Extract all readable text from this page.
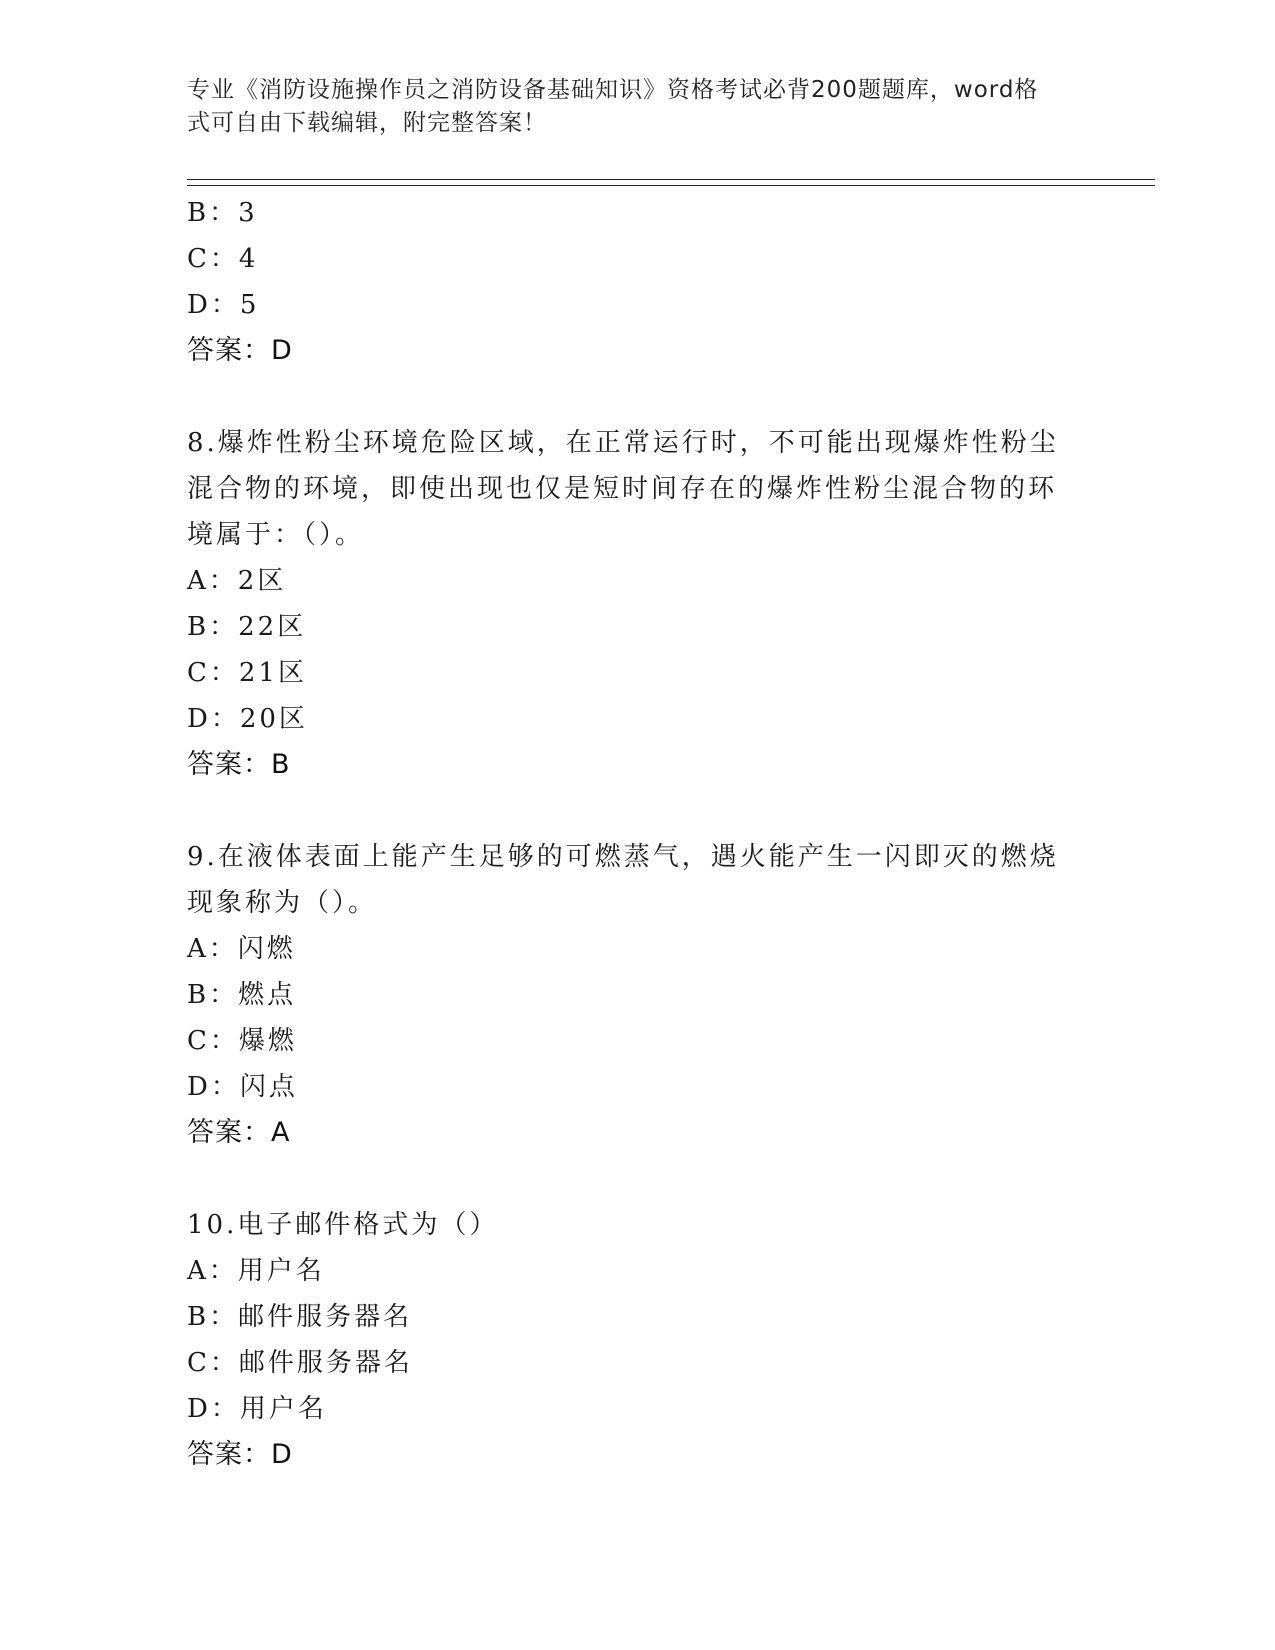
专业《消防设施操作员之消防设备基础知识》资格考试必背200题题库，word格
式可自由下载编辑，附完整答案！
B：3
C：4
D：5
答案：D
8.爆炸性粉尘环境危险区域，在正常运行时，不可能出现爆炸性粉尘
混合物的环境，即使出现也仅是短时间存在的爆炸性粉尘混合物的环
境属于：（）。
A：2区
B：22区
C：21区
D：20区
答案：B
9.在液体表面上能产生足够的可燃蒸气，遇火能产生一闪即灭的燃烧
现象称为（）。
A：闪燃
B：燃点
C：爆燃
D：闪点
答案：A
10.电子邮件格式为（）
A：用户名
B：邮件服务器名
C：邮件服务器名
D：用户名
答案：D
